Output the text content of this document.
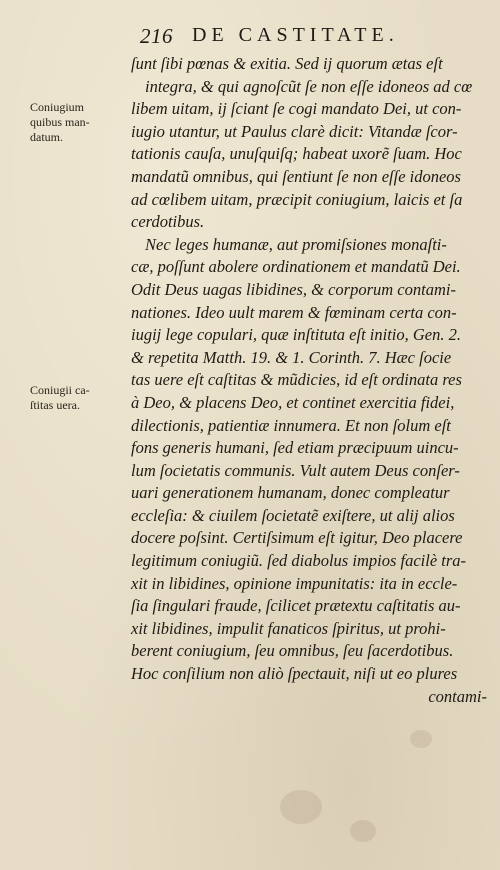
216 DE CASTITATE.
Coniugium
quibus man-
datum.
Coniugii ca-
ſtitas uera.
ſunt ſibi pœnas & exitia. Sed ij quorum ætas eſt
integra, & qui agnoſcũt ſe non eſſe idoneos ad cœ
libem uitam, ij ſciant ſe cogi mandato Dei, ut con-
iugio utantur, ut Paulus clarè dicit: Vitandæ ſcor-
tationis cauſa, unuſquiſq; habeat uxorẽ ſuam. Hoc
mandatũ omnibus, qui ſentiunt ſe non eſſe idoneos
ad cœlibem uitam, præcipit coniugium, laicis et ſa
cerdotibus.
Nec leges humanæ, aut promiſsiones monaſti-
cæ, poſſunt abolere ordinationem et mandatũ Dei.
Odit Deus uagas libidines, & corporum contami-
nationes. Ideo uult marem & fœminam certa con-
iugij lege copulari, quæ inſtituta eſt initio, Gen. 2.
& repetita Matth. 19. & 1. Corinth. 7. Hæc ſocie
tas uere eſt caſtitas & mũdicies, id eſt ordinata res
à Deo, & placens Deo, et continet exercitia fidei,
dilectionis, patientiæ innumera. Et non ſolum eſt
fons generis humani, ſed etiam præcipuum uincu-
lum ſocietatis communis. Vult autem Deus conſer-
uari generationem humanam, donec compleatur
eccleſia: & ciuilem ſocietatẽ exiſtere, ut alij alios
docere poſsint. Certiſsimum eſt igitur, Deo placere
legitimum coniugiũ. ſed diabolus impios facilè tra-
xit in libidines, opinione impunitatis: ita in eccle-
ſia ſingulari fraude, ſcilicet prætextu caſtitatis au-
xit libidines, impulit fanaticos ſpiritus, ut prohi-
berent coniugium, ſeu omnibus, ſeu ſacerdotibus.
Hoc conſilium non aliò ſpectauit, niſi ut eo plures
contami-
